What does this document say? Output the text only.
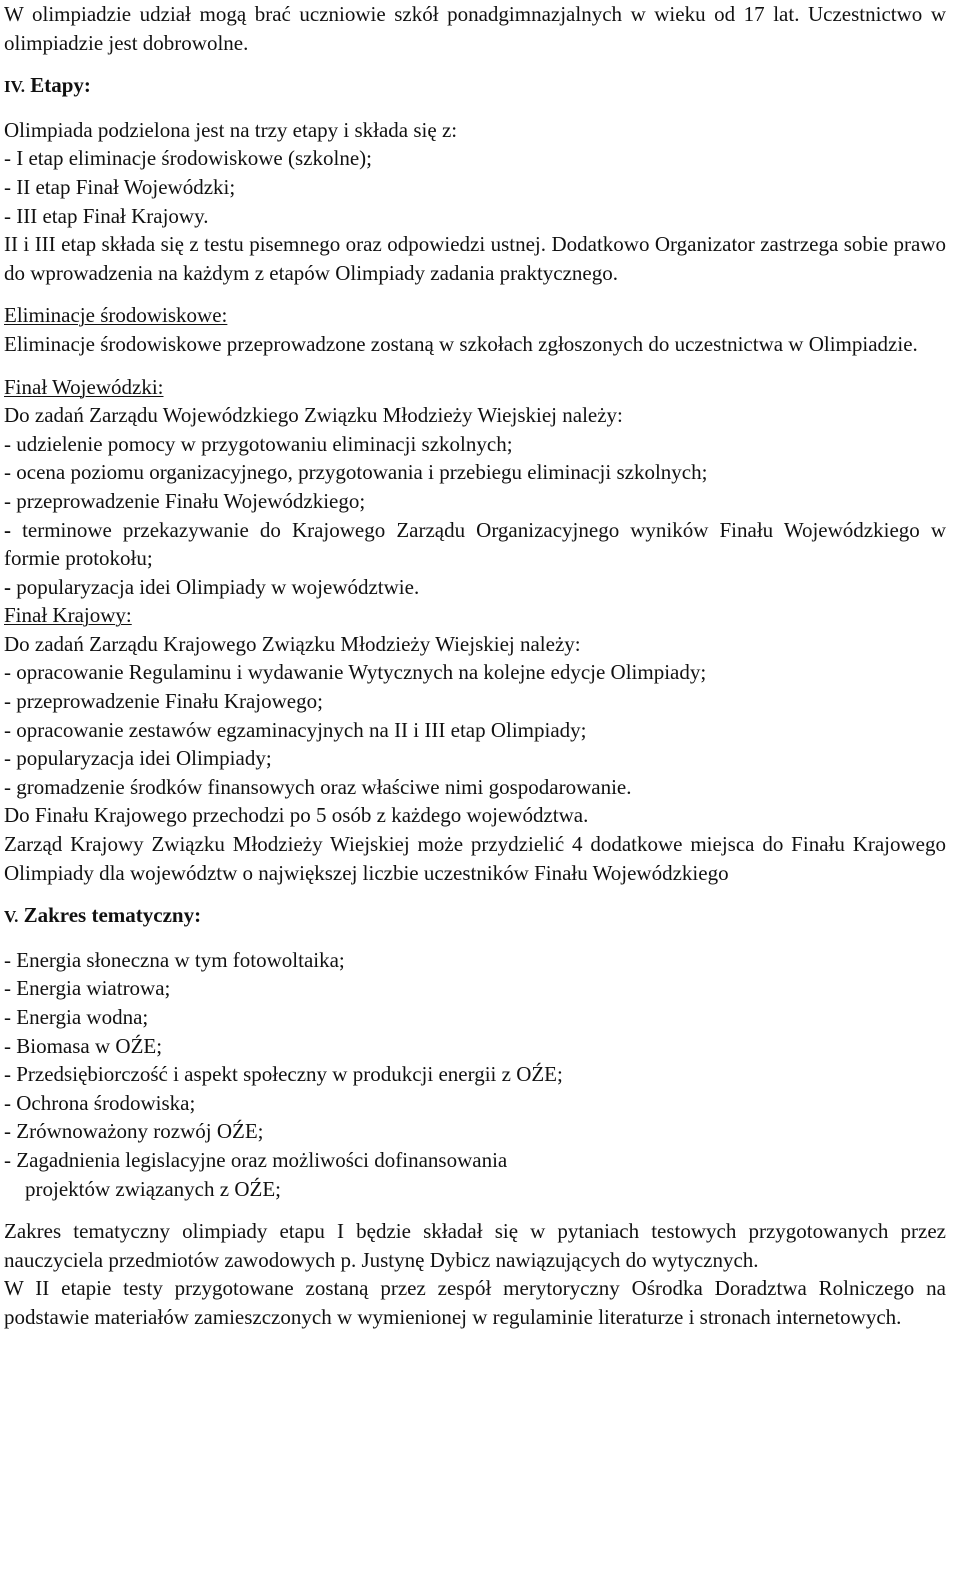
W olimpiadzie udział mogą brać uczniowie szkół ponadgimnazjalnych w wieku od 17 lat. Uczestnictwo w olimpiadzie jest dobrowolne.

IV. Etapy:

Olimpiada podzielona jest na trzy etapy i składa się z:

- I etap eliminacje środowiskowe (szkolne);

- II etap Finał Wojewódzki;

- III etap Finał Krajowy.

II i III etap składa się z testu pisemnego oraz odpowiedzi ustnej. Dodatkowo Organizator zastrzega sobie prawo do wprowadzenia na każdym z etapów Olimpiady zadania praktycznego.

Eliminacje środowiskowe:

Eliminacje środowiskowe przeprowadzone zostaną w szkołach zgłoszonych do uczestnictwa w Olimpiadzie.

Finał Wojewódzki:

Do zadań Zarządu Wojewódzkiego Związku Młodzieży Wiejskiej należy:

- udzielenie pomocy w przygotowaniu eliminacji szkolnych;

- ocena poziomu organizacyjnego, przygotowania i przebiegu eliminacji szkolnych;

- przeprowadzenie Finału Wojewódzkiego;

- terminowe przekazywanie do Krajowego Zarządu Organizacyjnego wyników Finału Wojewódzkiego w formie protokołu;

- popularyzacja idei Olimpiady w województwie.

Finał Krajowy:

Do zadań Zarządu Krajowego Związku Młodzieży Wiejskiej należy:

- opracowanie Regulaminu i wydawanie Wytycznych na kolejne edycje Olimpiady;

- przeprowadzenie Finału Krajowego;

- opracowanie zestawów egzaminacyjnych na II i III etap Olimpiady;

- popularyzacja idei Olimpiady;

- gromadzenie środków finansowych oraz właściwe nimi gospodarowanie.

Do Finału Krajowego przechodzi po 5 osób z każdego województwa.

Zarząd Krajowy Związku Młodzieży Wiejskiej może przydzielić 4 dodatkowe miejsca do Finału Krajowego Olimpiady dla województw o największej liczbie uczestników Finału Wojewódzkiego

V. Zakres tematyczny:

- Energia słoneczna w tym fotowoltaika;

- Energia wiatrowa;

- Energia wodna;

- Biomasa w OŹE;

- Przedsiębiorczość i aspekt społeczny w produkcji energii z OŹE;

- Ochrona środowiska;

- Zrównoważony rozwój OŹE;

- Zagadnienia legislacyjne oraz możliwości dofinansowania

projektów związanych z OŹE;

Zakres tematyczny olimpiady etapu I będzie składał się w pytaniach testowych przygotowanych przez nauczyciela przedmiotów zawodowych p. Justynę Dybicz nawiązujących do wytycznych.

W II etapie testy przygotowane zostaną przez zespół merytoryczny Ośrodka Doradztwa Rolniczego na podstawie materiałów zamieszczonych w wymienionej w regulaminie literaturze i stronach internetowych.
